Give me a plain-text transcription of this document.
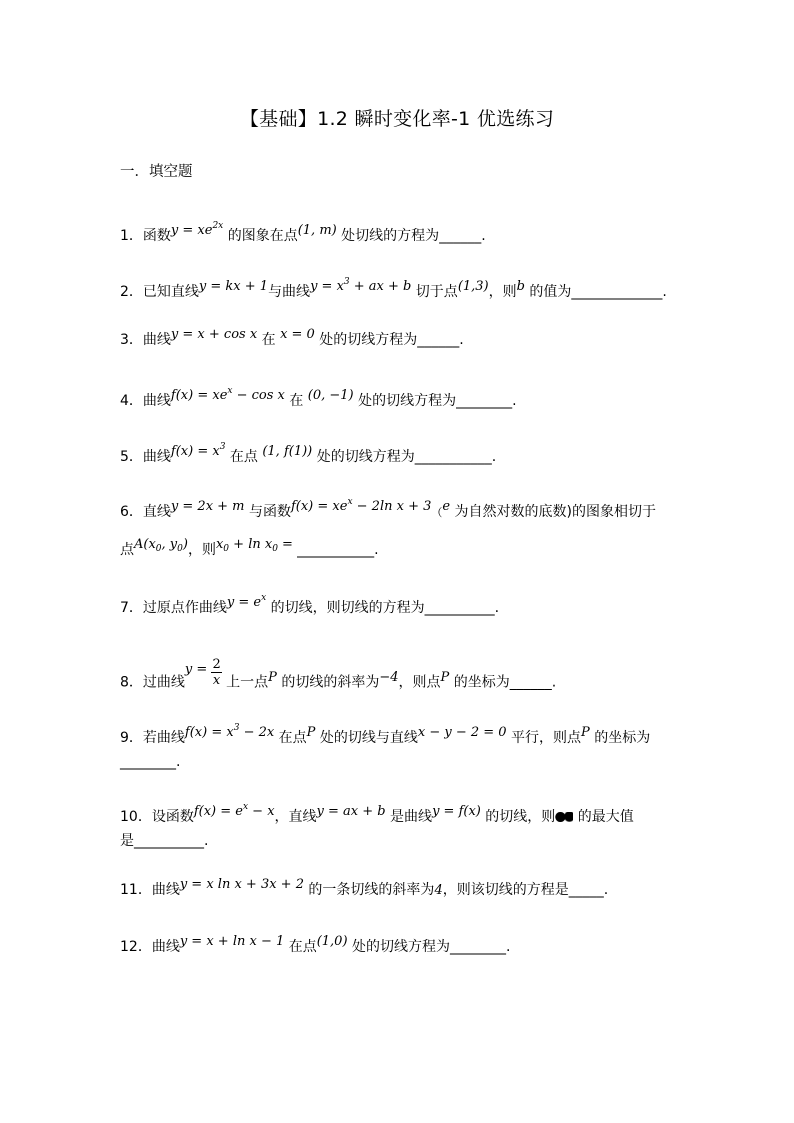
【基础】1.2 瞬时变化率-1 优选练习
一．填空题
1．函数$y = xe^{2x}$ 的图象在点(1, m) 处切线的方程为______.
2．已知直线y = kx + 1与曲线$y = x^3$ + ax + b 切于点(1,3)，则b 的值为_____________.
3．曲线y = x + cos x 在 x = 0 处的切线方程为______.
4．曲线$f(x) = xe^x - \cos x$ 在 (0, −1) 处的切线方程为________.
5．曲线$f(x) = x^3$ 在点 (1, f(1)) 处的切线方程为___________.
6．直线y = 2x + m 与函数$f(x) = xe^x - 2\ln$ x + 3（e 为自然对数的底数)的图象相切于
点$A(x_0$, $y_0$)，则$x_0 + \ln x_0$ = ___________.
7．过原点作曲线$y = e^x$ 的切线，则切线的方程为__________.
8．过曲线$y = \frac{2}{x}$ 上一点P 的切线的斜率为−4，则点P 的坐标为______.
9．若曲线$f(x) = x^3 - 2x$ 在点P 处的切线与直线x − y − 2 = 0 平行，则点P 的坐标为
________.
10．设函数$f(x) = e^x - x$，直线y = ax + b 是曲线y = f(x) 的切线，则 的最大值
是__________.
11．曲线y = x ln x + 3x + 2 的一条切线的斜率为4，则该切线的方程是_____.
12．曲线y = x + ln x − 1 在点(1,0) 处的切线方程为________.
